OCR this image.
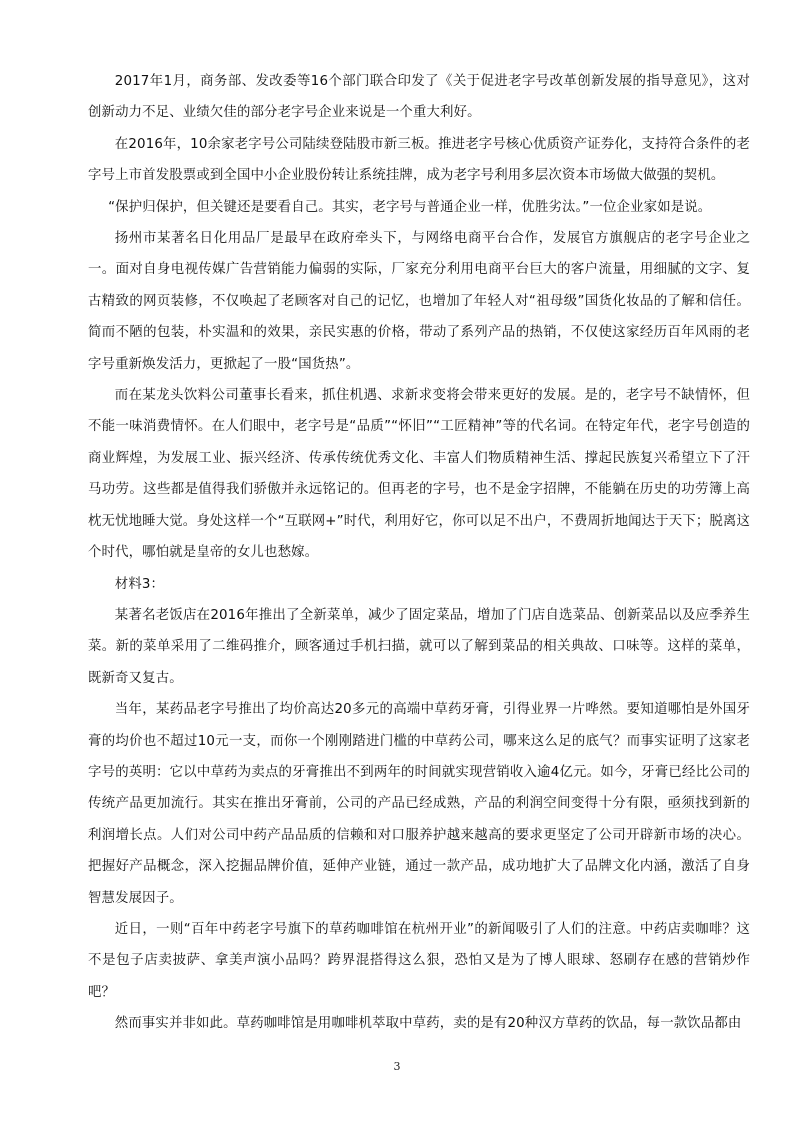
2017年1月，商务部、发改委等16个部门联合印发了《关于促进老字号改革创新发展的指导意见》，这对创新动力不足、业绩欠佳的部分老字号企业来说是一个重大利好。

在2016年，10余家老字号公司陆续登陆股市新三板。推进老字号核心优质资产证券化，支持符合条件的老字号上市首发股票或到全国中小企业股份转让系统挂牌，成为老字号利用多层次资本市场做大做强的契机。

“保护归保护，但关键还是要看自己。其实，老字号与普通企业一样，优胜劣汰。”一位企业家如是说。

扬州市某著名日化用品厂是最早在政府牵头下，与网络电商平台合作，发展官方旗舰店的老字号企业之一。面对自身电视传媒广告营销能力偏弱的实际，厂家充分利用电商平台巨大的客户流量，用细腻的文字、复古精致的网页装修，不仅唤起了老顾客对自己的记忆，也增加了年轻人对“祖母级”国货化妆品的了解和信任。简而不陋的包装，朴实温和的效果，亲民实惠的价格，带动了系列产品的热销，不仅使这家经历百年风雨的老字号重新焕发活力，更掀起了一股“国货热”。

而在某龙头饮料公司董事长看来，抓住机遇、求新求变将会带来更好的发展。是的，老字号不缺情怀，但不能一味消费情怀。在人们眼中，老字号是“品质”“怀旧”“工匠精神”等的代名词。在特定年代，老字号创造的商业辉煌，为发展工业、振兴经济、传承传统优秀文化、丰富人们物质精神生活、撑起民族复兴希望立下了汗马功劳。这些都是值得我们骄傲并永远铭记的。但再老的字号，也不是金字招牌，不能躺在历史的功劳簿上高枕无忧地睡大觉。身处这样一个“互联网+”时代，利用好它，你可以足不出户，不费周折地闻达于天下；脱离这个时代，哪怕就是皇帝的女儿也愁嫁。

材料3：

某著名老饭店在2016年推出了全新菜单，减少了固定菜品，增加了门店自选菜品、创新菜品以及应季养生菜。新的菜单采用了二维码推介，顾客通过手机扫描，就可以了解到菜品的相关典故、口味等。这样的菜单，既新奇又复古。

当年，某药品老字号推出了均价高达20多元的高端中草药牙膏，引得业界一片哗然。要知道哪怕是外国牙膏的均价也不超过10元一支，而你一个刚刚踏进门槛的中草药公司，哪来这么足的底气？而事实证明了这家老字号的英明：它以中草药为卖点的牙膏推出不到两年的时间就实现营销收入逾4亿元。如今，牙膏已经比公司的传统产品更加流行。其实在推出牙膏前，公司的产品已经成熟，产品的利润空间变得十分有限，亟须找到新的利润增长点。人们对公司中药产品品质的信赖和对口服养护越来越高的要求更坚定了公司开辟新市场的决心。把握好产品概念，深入挖掘品牌价值，延伸产业链，通过一款产品，成功地扩大了品牌文化内涵，激活了自身智慧发展因子。

近日，一则“百年中药老字号旗下的草药咖啡馆在杭州开业”的新闻吸引了人们的注意。中药店卖咖啡？这不是包子店卖披萨、拿美声演小品吗？跨界混搭得这么狠，恐怕又是为了博人眼球、怒刷存在感的营销炒作吧？

然而事实并非如此。草药咖啡馆是用咖啡机萃取中草药，卖的是有20种汉方草药的饮品，每一款饮品都由

3
